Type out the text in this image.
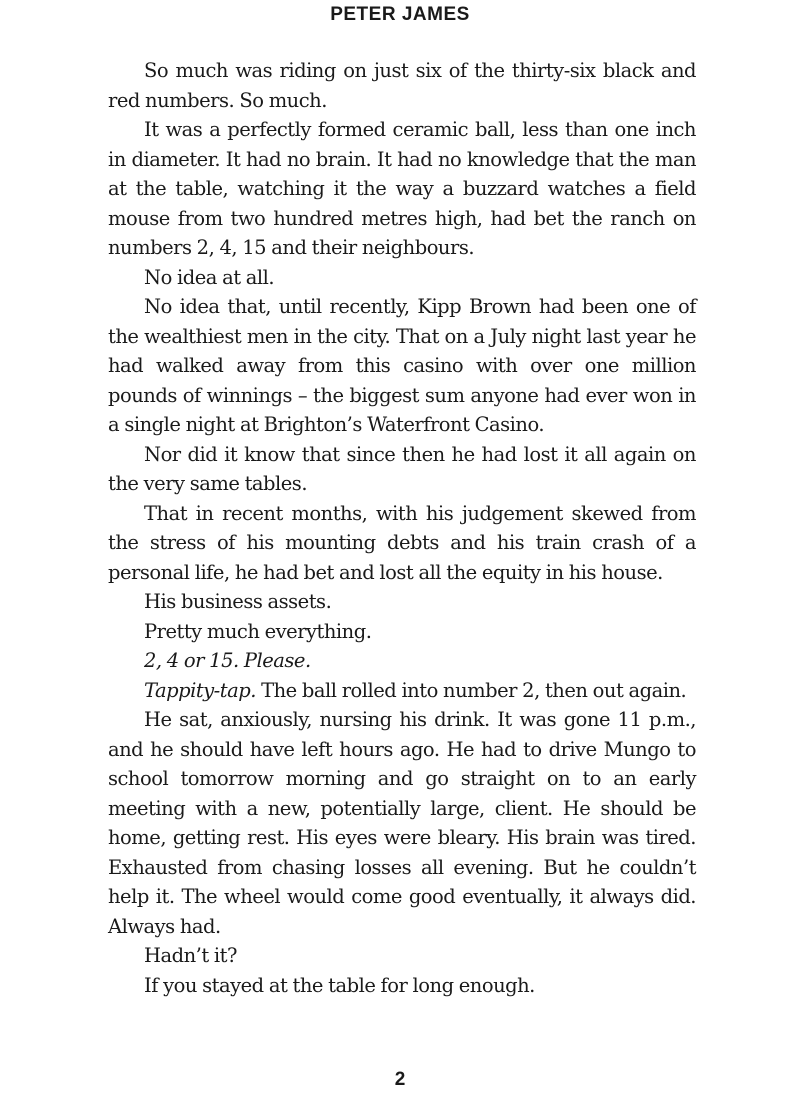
PETER JAMES

So much was riding on just six of the thirty-six black and red numbers. So much.

It was a perfectly formed ceramic ball, less than one inch in diameter. It had no brain. It had no knowledge that the man at the table, watching it the way a buzzard watches a field mouse from two hundred metres high, had bet the ranch on numbers 2, 4, 15 and their neighbours.

No idea at all.

No idea that, until recently, Kipp Brown had been one of the wealthiest men in the city. That on a July night last year he had walked away from this casino with over one million pounds of winnings – the biggest sum anyone had ever won in a single night at Brighton’s Waterfront Casino.

Nor did it know that since then he had lost it all again on the very same tables.

That in recent months, with his judgement skewed from the stress of his mounting debts and his train crash of a personal life, he had bet and lost all the equity in his house.

His business assets.

Pretty much everything.

2, 4 or 15. Please.

Tappity-tap. The ball rolled into number 2, then out again.

He sat, anxiously, nursing his drink. It was gone 11 p.m., and he should have left hours ago. He had to drive Mungo to school tomorrow morning and go straight on to an early meeting with a new, potentially large, client. He should be home, getting rest. His eyes were bleary. His brain was tired. Exhausted from chasing losses all evening. But he couldn’t help it. The wheel would come good eventually, it always did. Always had.

Hadn’t it?

If you stayed at the table for long enough.

2
